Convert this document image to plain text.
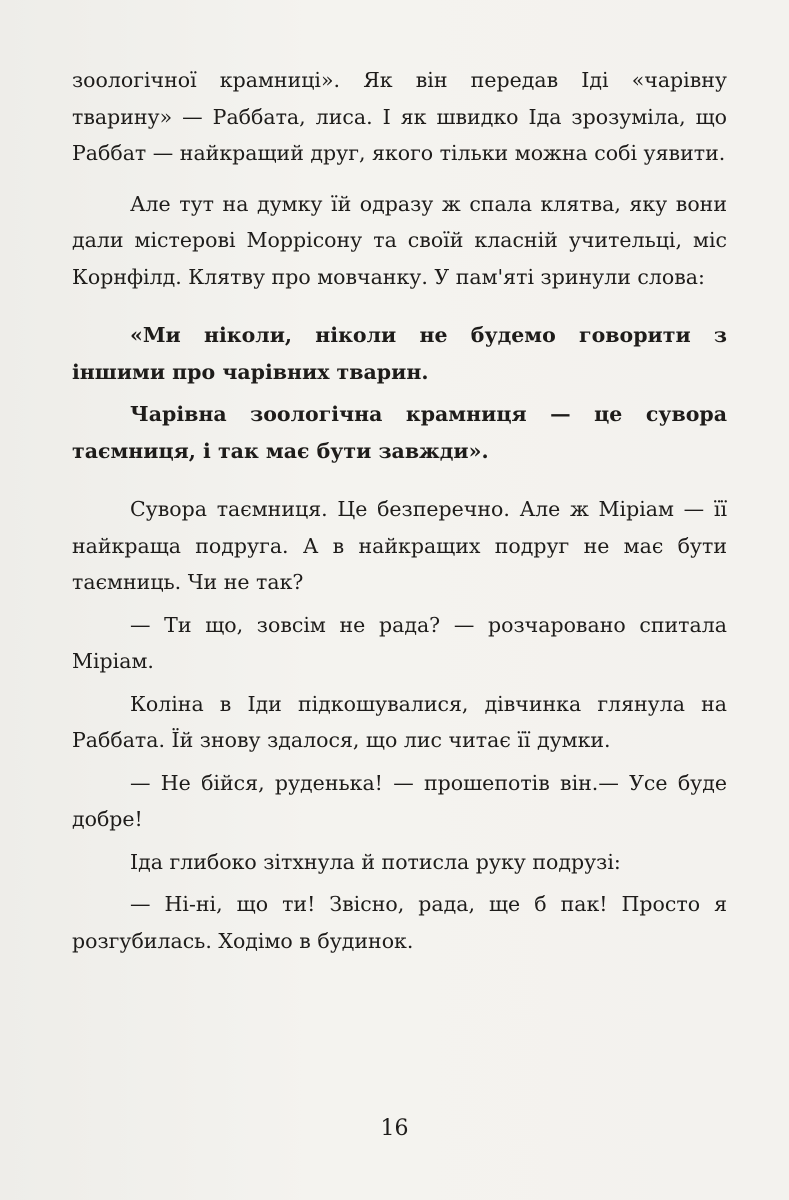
зоологічної крамниці». Як він передав Іді «чарівну тварину» — Раббата, лиса. І як швидко Іда зрозуміла, що Раббат — найкращий друг, якого тільки можна собі уявити.

Але тут на думку їй одразу ж спала клятва, яку вони дали містерові Моррісону та своїй класній учительці, міс Корнфілд. Клятву про мовчанку. У пам'яті зринули слова:

«Ми ніколи, ніколи не будемо говорити з іншими про чарівних тварин.

Чарівна зоологічна крамниця — це сувора таємниця, і так має бути завжди».

Сувора таємниця. Це безперечно. Але ж Міріам — її найкраща подруга. А в найкращих подруг не має бути таємниць. Чи не так?

— Ти що, зовсім не рада? — розчаровано спитала Міріам.

Коліна в Іди підкошувалися, дівчинка глянула на Раббата. Їй знову здалося, що лис читає її думки.

— Не бійся, руденька! — прошепотів він.— Усе буде добре!

Іда глибоко зітхнула й потисла руку подрузі:

— Ні-ні, що ти! Звісно, рада, ще б пак! Просто я розгубилась. Ходімо в будинок.

16
